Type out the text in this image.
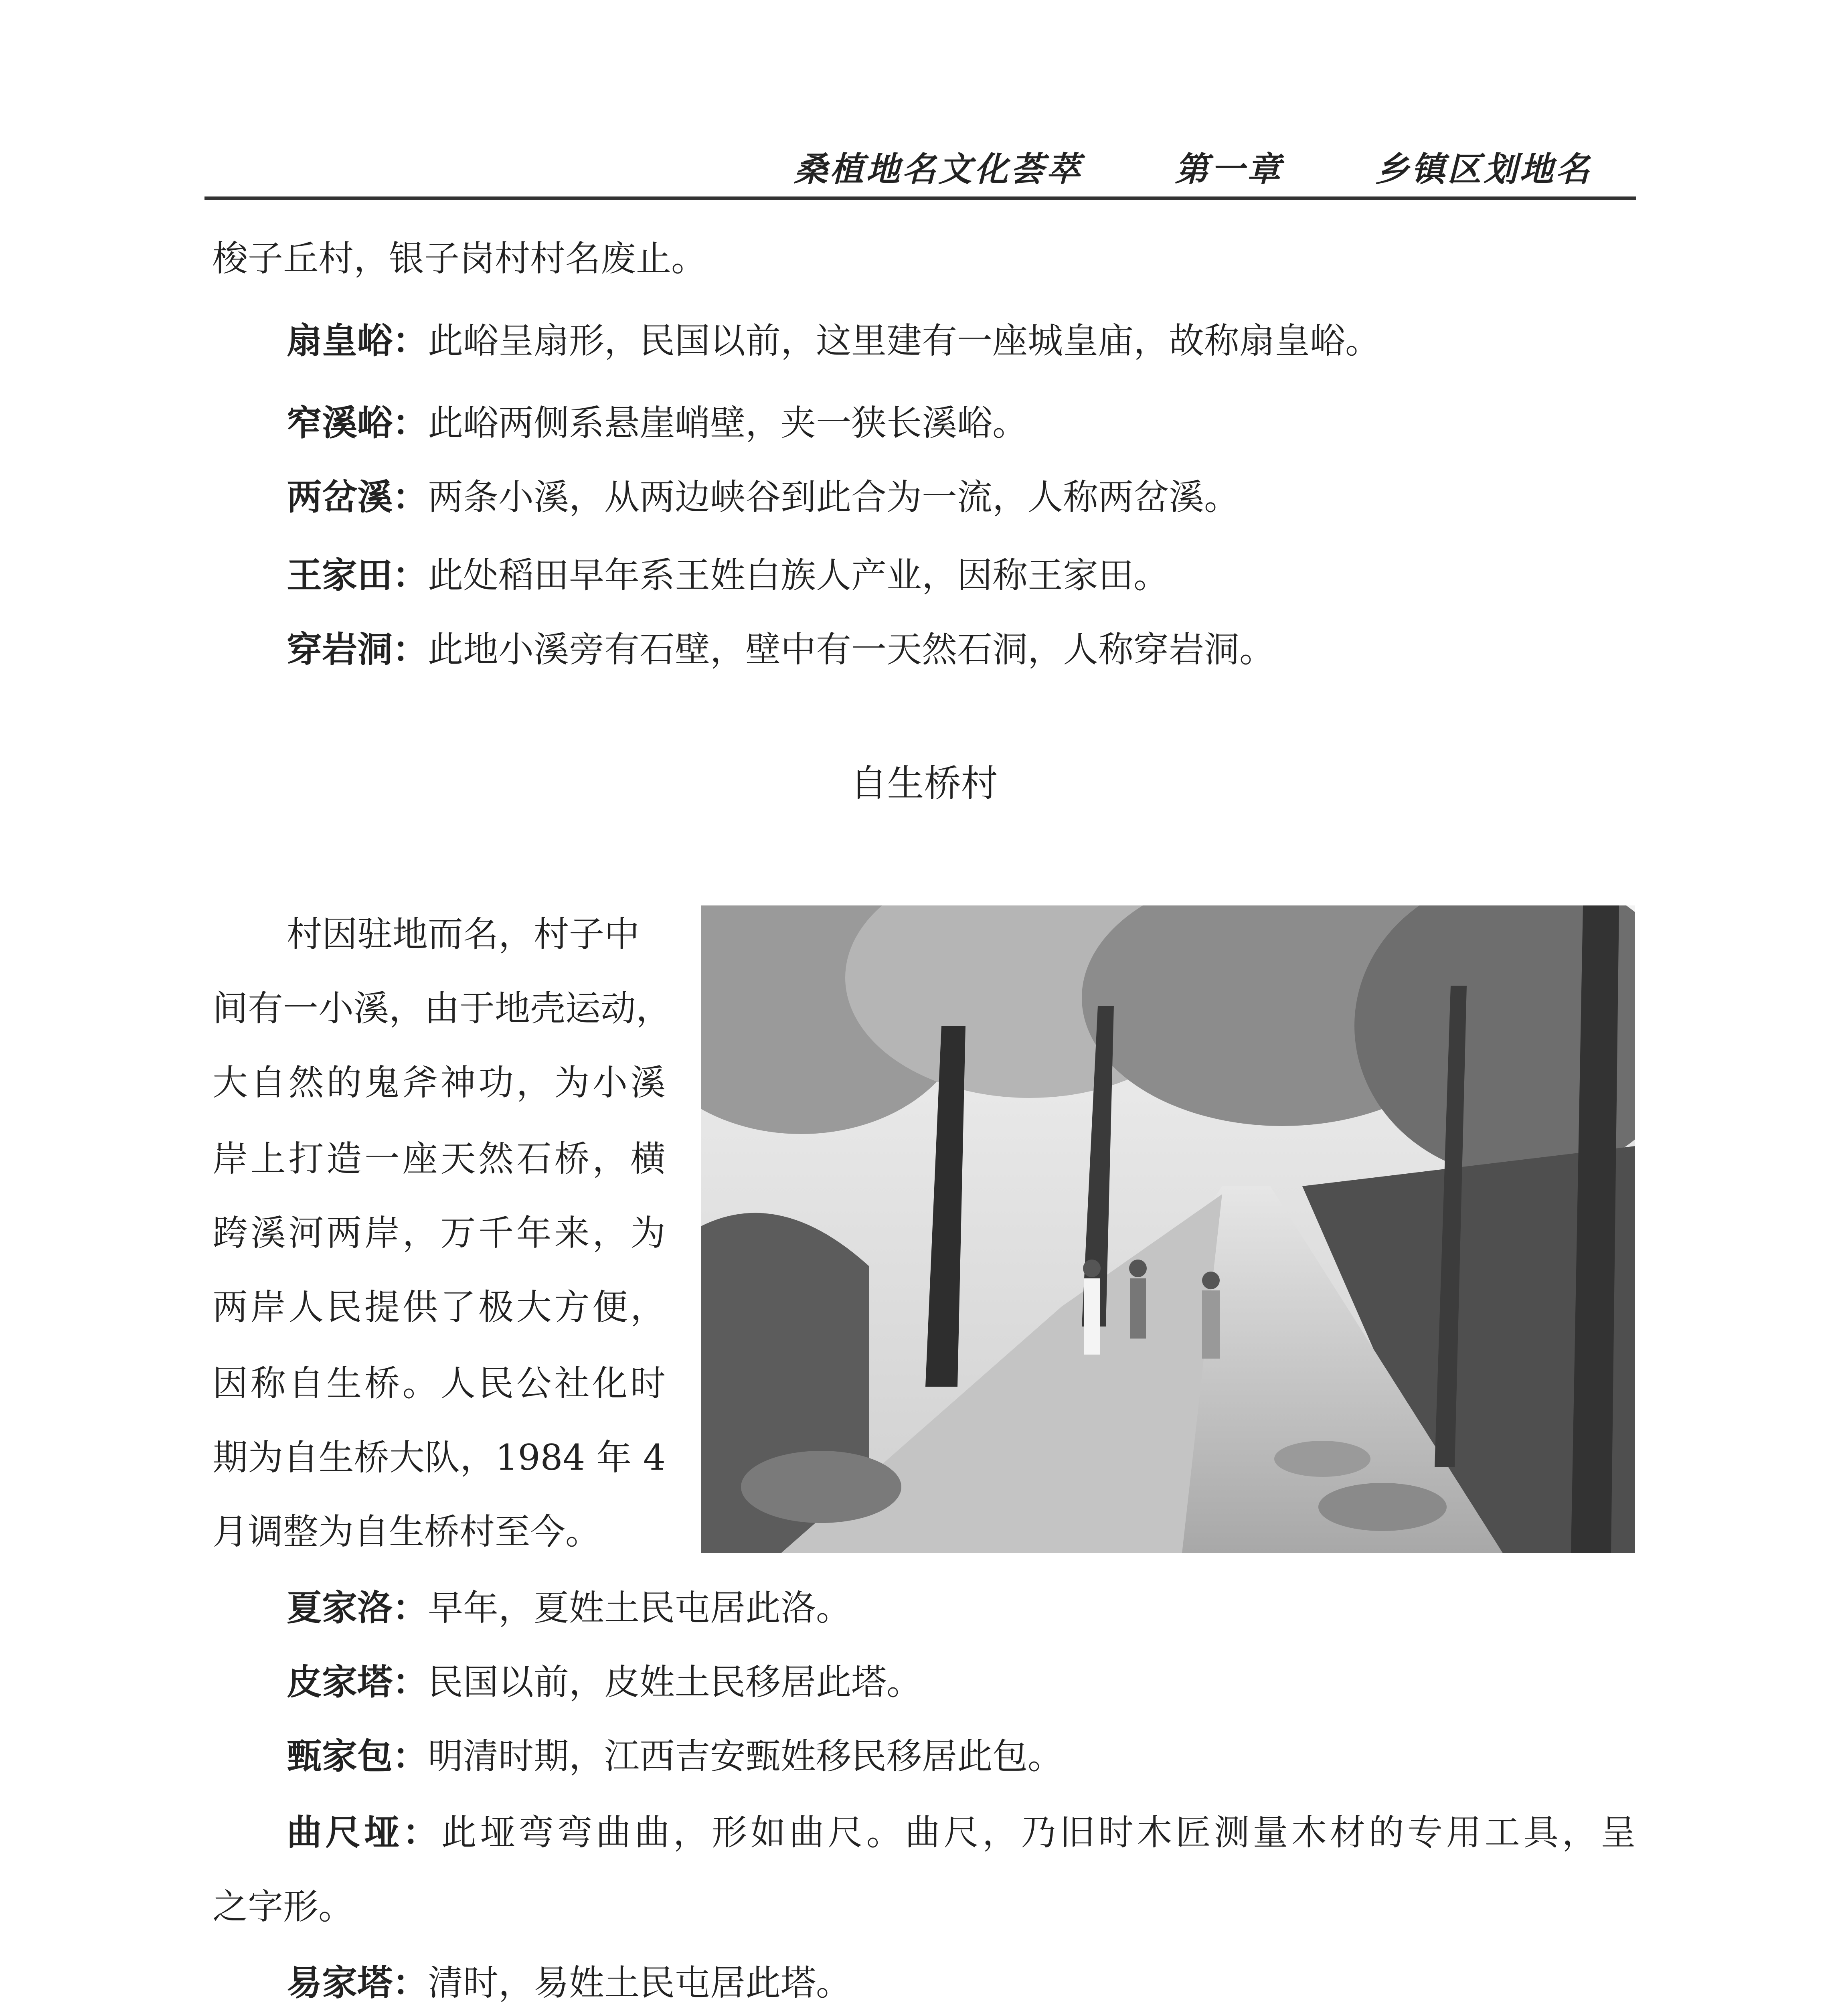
桑植地名文化荟萃	第一章	乡镇区划地名
梭子丘村，银子岗村村名废止。
扇皇峪：此峪呈扇形，民国以前，这里建有一座城皇庙，故称扇皇峪。
窄溪峪：此峪两侧系悬崖峭壁，夹一狭长溪峪。
两岔溪：两条小溪，从两边峡谷到此合为一流，人称两岔溪。
王家田：此处稻田早年系王姓白族人产业，因称王家田。
穿岩洞：此地小溪旁有石壁，壁中有一天然石洞，人称穿岩洞。
自生桥村
村因驻地而名，村子中
间有一小溪，由于地壳运动，
大自然的鬼斧神功，为小溪
岸上打造一座天然石桥，横
跨溪河两岸，万千年来，为
两岸人民提供了极大方便，
因称自生桥。人民公社化时
期为自生桥大队，1984 年 4
月调整为自生桥村至今。
夏家洛：早年，夏姓土民屯居此洛。
皮家塔：民国以前，皮姓土民移居此塔。
甄家包：明清时期，江西吉安甄姓移民移居此包。
曲尺垭：此垭弯弯曲曲，形如曲尺。曲尺，乃旧时木匠测量木材的专用工具，呈
之字形。
易家塔：清时，易姓土民屯居此塔。
